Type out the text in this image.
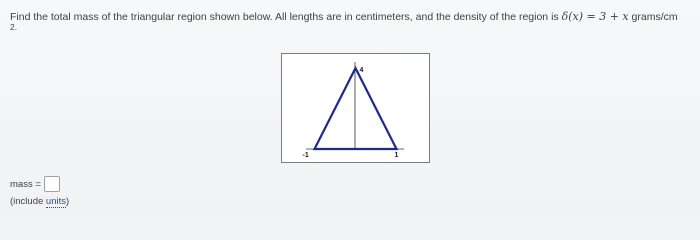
Find the total mass of the triangular region shown below. All lengths are in centimeters, and the density of the region is δ(x) = 3 + x grams/cm
2.
4
-1	1
mass =
(include units)
